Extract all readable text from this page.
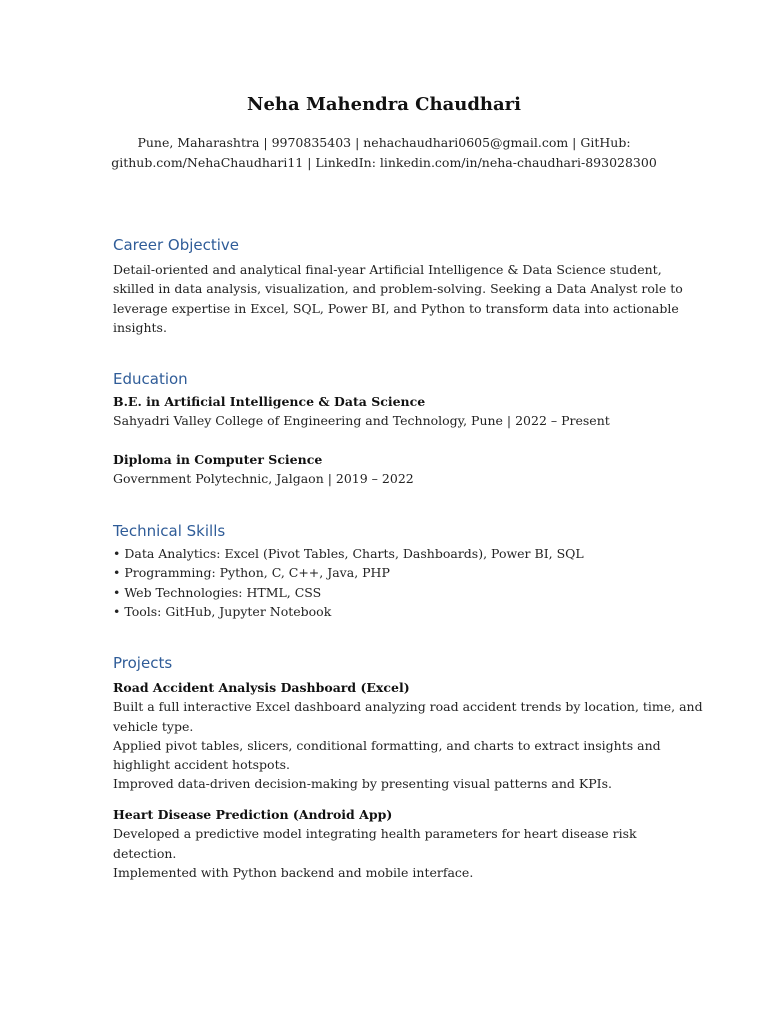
Neha Mahendra Chaudhari
Pune, Maharashtra | 9970835403 | nehachaudhari0605@gmail.com | GitHub:
github.com/NehaChaudhari11 | LinkedIn: linkedin.com/in/neha-chaudhari-893028300
Career Objective
Detail-oriented and analytical final-year Artificial Intelligence & Data Science student,
skilled in data analysis, visualization, and problem-solving. Seeking a Data Analyst role to
leverage expertise in Excel, SQL, Power BI, and Python to transform data into actionable
insights.
Education
B.E. in Artificial Intelligence & Data Science
Sahyadri Valley College of Engineering and Technology, Pune | 2022 – Present
Diploma in Computer Science
Government Polytechnic, Jalgaon | 2019 – 2022
Technical Skills
• Data Analytics: Excel (Pivot Tables, Charts, Dashboards), Power BI, SQL
• Programming: Python, C, C++, Java, PHP
• Web Technologies: HTML, CSS
• Tools: GitHub, Jupyter Notebook
Projects
Road Accident Analysis Dashboard (Excel)
Built a full interactive Excel dashboard analyzing road accident trends by location, time, and
vehicle type.
Applied pivot tables, slicers, conditional formatting, and charts to extract insights and
highlight accident hotspots.
Improved data-driven decision-making by presenting visual patterns and KPIs.
Heart Disease Prediction (Android App)
Developed a predictive model integrating health parameters for heart disease risk
detection.
Implemented with Python backend and mobile interface.
